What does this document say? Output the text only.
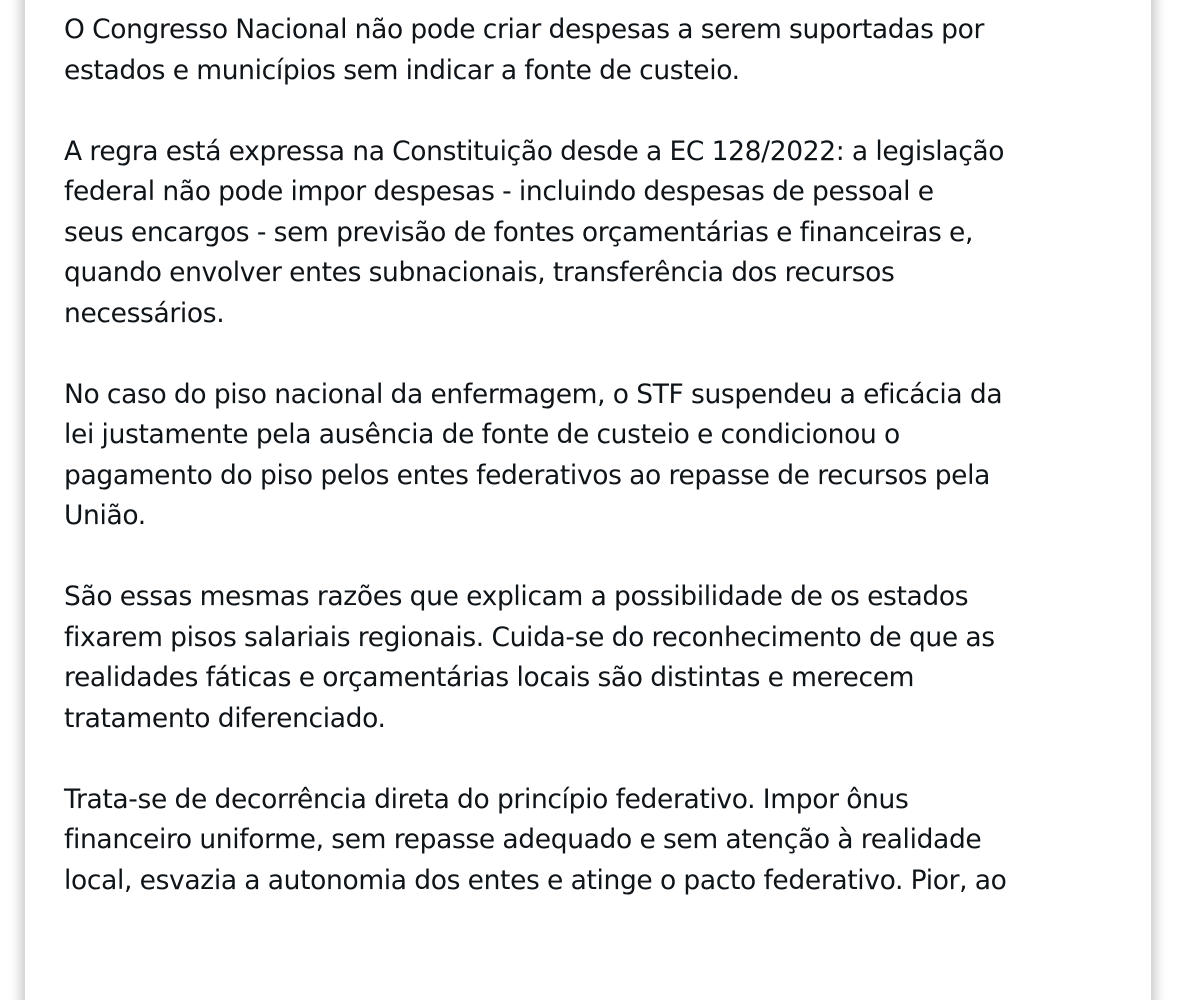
O Congresso Nacional não pode criar despesas a serem suportadas por
estados e municípios sem indicar a fonte de custeio.

A regra está expressa na Constituição desde a EC 128/2022: a legislação
federal não pode impor despesas - incluindo despesas de pessoal e
seus encargos - sem previsão de fontes orçamentárias e financeiras e,
quando envolver entes subnacionais, transferência dos recursos
necessários.

No caso do piso nacional da enfermagem, o STF suspendeu a eficácia da
lei justamente pela ausência de fonte de custeio e condicionou o
pagamento do piso pelos entes federativos ao repasse de recursos pela
União.

São essas mesmas razões que explicam a possibilidade de os estados
fixarem pisos salariais regionais. Cuida-se do reconhecimento de que as
realidades fáticas e orçamentárias locais são distintas e merecem
tratamento diferenciado.

Trata-se de decorrência direta do princípio federativo. Impor ônus
financeiro uniforme, sem repasse adequado e sem atenção à realidade
local, esvazia a autonomia dos entes e atinge o pacto federativo. Pior, ao
